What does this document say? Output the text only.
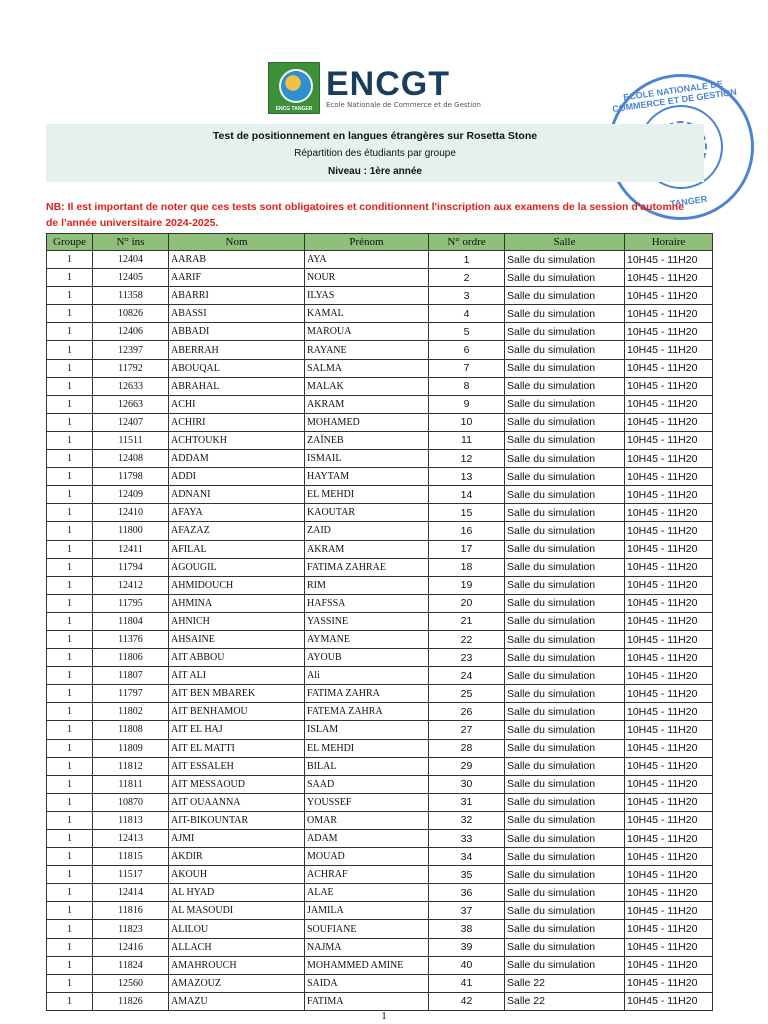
ENCG TANGER
ENCGT
Ecole Nationale de Commerce et de Gestion
ECOLE NATIONALE DE COMMERCE ET DE GESTION
TANGER
Test de positionnement en langues étrangères sur Rosetta Stone
Répartition des étudiants par groupe
Niveau : 1ère année
NB: Il est important de noter que ces tests sont obligatoires et conditionnent l'inscription aux examens de la session d'automne de l'année universitaire 2024-2025.
Groupe	N° ins	Nom	Prénom	N° ordre	Salle	Horaire
1	12404	AARAB	AYA	1	Salle du simulation	10H45 - 11H20
1	12405	AARIF	NOUR	2	Salle du simulation	10H45 - 11H20
1	11358	ABARRI	ILYAS	3	Salle du simulation	10H45 - 11H20
1	10826	ABASSI	KAMAL	4	Salle du simulation	10H45 - 11H20
1	12406	ABBADI	MAROUA	5	Salle du simulation	10H45 - 11H20
1	12397	ABERRAH	RAYANE	6	Salle du simulation	10H45 - 11H20
1	11792	ABOUQAL	SALMA	7	Salle du simulation	10H45 - 11H20
1	12633	ABRAHAL	MALAK	8	Salle du simulation	10H45 - 11H20
1	12663	ACHI	AKRAM	9	Salle du simulation	10H45 - 11H20
1	12407	ACHIRI	MOHAMED	10	Salle du simulation	10H45 - 11H20
1	11511	ACHTOUKH	ZAÏNEB	11	Salle du simulation	10H45 - 11H20
1	12408	ADDAM	ISMAIL	12	Salle du simulation	10H45 - 11H20
1	11798	ADDI	HAYTAM	13	Salle du simulation	10H45 - 11H20
1	12409	ADNANI	EL MEHDI	14	Salle du simulation	10H45 - 11H20
1	12410	AFAYA	KAOUTAR	15	Salle du simulation	10H45 - 11H20
1	11800	AFAZAZ	ZAID	16	Salle du simulation	10H45 - 11H20
1	12411	AFILAL	AKRAM	17	Salle du simulation	10H45 - 11H20
1	11794	AGOUGIL	FATIMA ZAHRAE	18	Salle du simulation	10H45 - 11H20
1	12412	AHMIDOUCH	RIM	19	Salle du simulation	10H45 - 11H20
1	11795	AHMINA	HAFSSA	20	Salle du simulation	10H45 - 11H20
1	11804	AHNICH	YASSINE	21	Salle du simulation	10H45 - 11H20
1	11376	AHSAINE	AYMANE	22	Salle du simulation	10H45 - 11H20
1	11806	AIT ABBOU	AYOUB	23	Salle du simulation	10H45 - 11H20
1	11807	AIT ALI	Ali	24	Salle du simulation	10H45 - 11H20
1	11797	AIT BEN MBAREK	FATIMA ZAHRA	25	Salle du simulation	10H45 - 11H20
1	11802	AIT BENHAMOU	FATEMA ZAHRA	26	Salle du simulation	10H45 - 11H20
1	11808	AIT EL HAJ	ISLAM	27	Salle du simulation	10H45 - 11H20
1	11809	AIT EL MATTI	EL MEHDI	28	Salle du simulation	10H45 - 11H20
1	11812	AIT ESSALEH	BILAL	29	Salle du simulation	10H45 - 11H20
1	11811	AIT MESSAOUD	SAAD	30	Salle du simulation	10H45 - 11H20
1	10870	AIT OUAANNA	YOUSSEF	31	Salle du simulation	10H45 - 11H20
1	11813	AIT-BIKOUNTAR	OMAR	32	Salle du simulation	10H45 - 11H20
1	12413	AJMI	ADAM	33	Salle du simulation	10H45 - 11H20
1	11815	AKDIR	MOUAD	34	Salle du simulation	10H45 - 11H20
1	11517	AKOUH	ACHRAF	35	Salle du simulation	10H45 - 11H20
1	12414	AL HYAD	ALAE	36	Salle du simulation	10H45 - 11H20
1	11816	AL MASOUDI	JAMILA	37	Salle du simulation	10H45 - 11H20
1	11823	ALILOU	SOUFIANE	38	Salle du simulation	10H45 - 11H20
1	12416	ALLACH	NAJMA	39	Salle du simulation	10H45 - 11H20
1	11824	AMAHROUCH	MOHAMMED AMINE	40	Salle du simulation	10H45 - 11H20
1	12560	AMAZOUZ	SAIDA	41	Salle 22	10H45 - 11H20
1	11826	AMAZU	FATIMA	42	Salle 22	10H45 - 11H20
1
